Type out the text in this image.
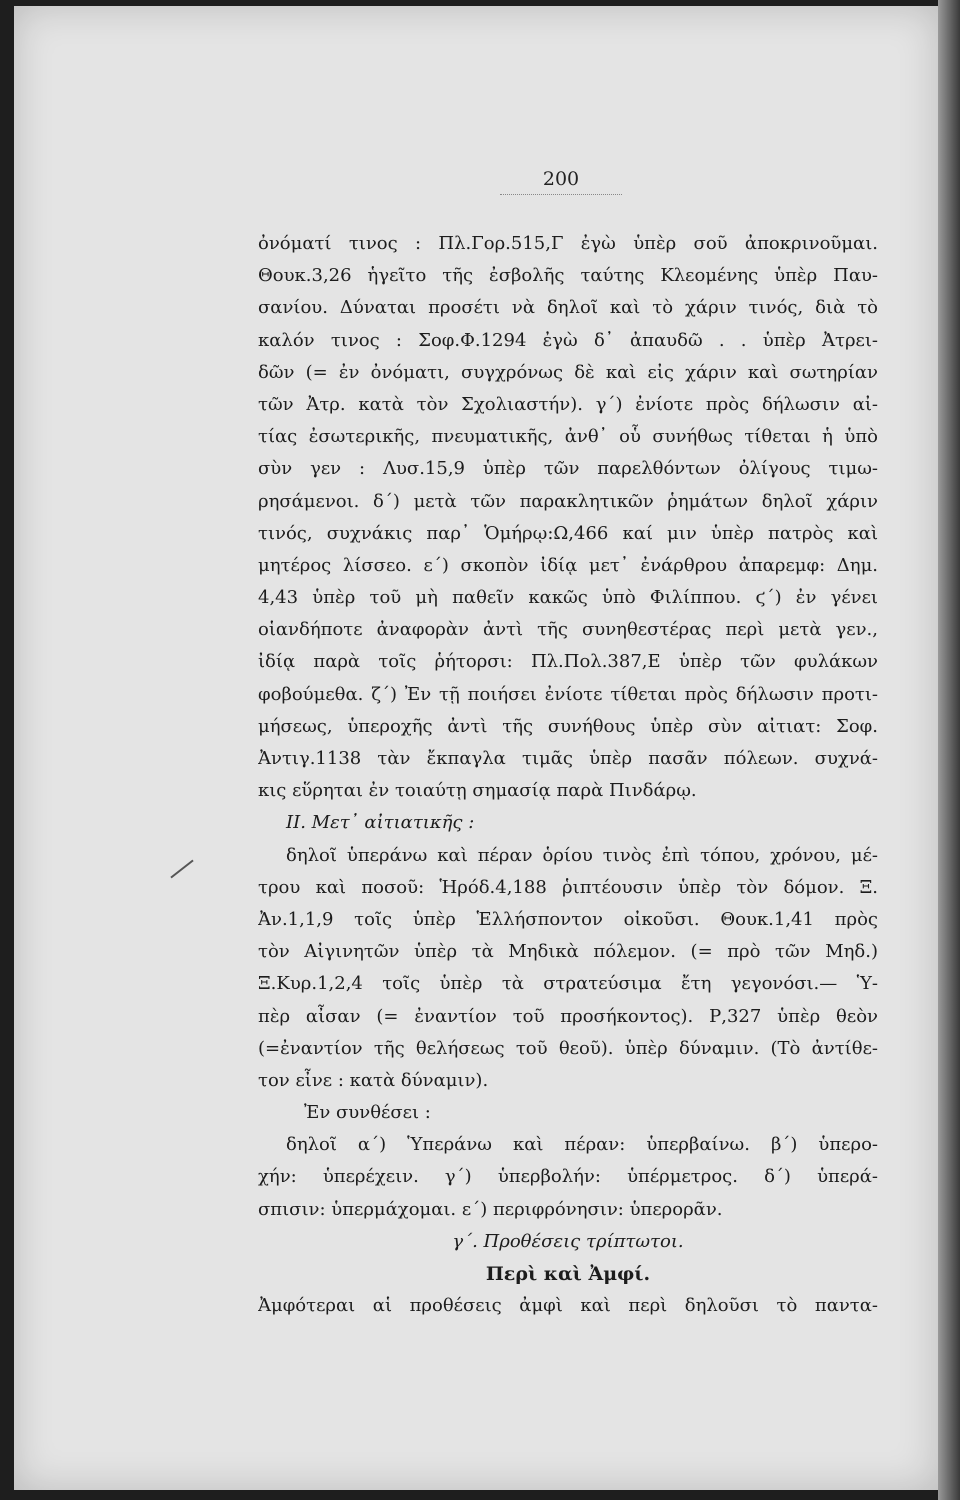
200
ὀνόματί τινος : Πλ.Γορ.515,Γ ἐγὼ ὑπὲρ σοῦ ἀποκρινοῦμαι.
Θουκ.3,26 ἡγεῖτο τῆς ἐσβολῆς ταύτης Κλεομένης ὑπὲρ Παυ-
σανίου. Δύναται προσέτι νὰ δηλοῖ καὶ τὸ χάριν τινός, διὰ τὸ
καλόν τινος : Σοφ.Φ.1294 ἐγὼ δ᾿ ἀπαυδῶ . . ὑπὲρ Ἀτρει-
δῶν (= ἐν ὀνόματι, συγχρόνως δὲ καὶ εἰς χάριν καὶ σωτηρίαν
τῶν Ἀτρ. κατὰ τὸν Σχολιαστήν). γ΄) ἐνίοτε πρὸς δήλωσιν αἰ-
τίας ἐσωτερικῆς, πνευματικῆς, ἀνθ᾿ οὗ συνήθως τίθεται ἡ ὑπὸ
σὺν γεν : Λυσ.15,9 ὑπὲρ τῶν παρελθόντων ὀλίγους τιμω-
ρησάμενοι. δ΄) μετὰ τῶν παρακλητικῶν ῥημάτων δηλοῖ χάριν
τινός, συχνάκις παρ᾿ Ὁμήρῳ:Ω,466 καί μιν ὑπὲρ πατρὸς καὶ
μητέρος λίσσεο. ε΄) σκοπὸν ἰδίᾳ μετ᾿ ἐνάρθρου ἀπαρεμφ: Δημ.
4,43 ὑπὲρ τοῦ μὴ παθεῖν κακῶς ὑπὸ Φιλίππου. ϛ΄) ἐν γένει
οἱανδήποτε ἀναφορὰν ἀντὶ τῆς συνηθεστέρας περὶ μετὰ γεν.,
ἰδίᾳ παρὰ τοῖς ῥήτορσι: Πλ.Πολ.387,Ε ὑπὲρ τῶν φυλάκων
φοβούμεθα. ζ΄) Ἐν τῇ ποιήσει ἐνίοτε τίθεται πρὸς δήλωσιν προτι-
μήσεως, ὑπεροχῆς ἀντὶ τῆς συνήθους ὑπὲρ σὺν αἰτιατ: Σοφ.
Ἀντιγ.1138 τὰν ἔκπαγλα τιμᾶς ὑπὲρ πασᾶν πόλεων. συχνά-
κις εὕρηται ἐν τοιαύτῃ σημασίᾳ παρὰ Πινδάρῳ.
ΙΙ. Μετ᾿ αἰτιατικῆς :
δηλοῖ ὑπεράνω καὶ πέραν ὁρίου τινὸς ἐπὶ τόπου, χρόνου, μέ-
τρου καὶ ποσοῦ: Ἡρόδ.4,188 ῥιπτέουσιν ὑπὲρ τὸν δόμον. Ξ.
Ἀν.1,1,9 τοῖς ὑπὲρ Ἑλλήσποντον οἰκοῦσι. Θουκ.1,41 πρὸς
τὸν Αἰγινητῶν ὑπὲρ τὰ Μηδικὰ πόλεμον. (= πρὸ τῶν Μηδ.)
Ξ.Κυρ.1,2,4 τοῖς ὑπὲρ τὰ στρατεύσιμα ἔτη γεγονόσι.— Ὑ-
πὲρ αἶσαν (= ἐναντίον τοῦ προσήκοντος). Ρ,327 ὑπὲρ θεὸν
(=ἐναντίον τῆς θελήσεως τοῦ θεοῦ). ὑπὲρ δύναμιν. (Τὸ ἀντίθε-
τον εἶνε : κατὰ δύναμιν).
Ἐν συνθέσει :
δηλοῖ α΄) Ὑπεράνω καὶ πέραν: ὑπερβαίνω. β΄) ὑπερο-
χήν: ὑπερέχειν. γ΄) ὑπερβολήν: ὑπέρμετρος. δ΄) ὑπερά-
σπισιν: ὑπερμάχομαι. ε΄) περιφρόνησιν: ὑπερορᾶν.
γ΄. Προθέσεις τρίπτωτοι.
Περὶ καὶ Ἀμφί.
Ἀμφότεραι αἱ προθέσεις ἀμφὶ καὶ περὶ δηλοῦσι τὸ παντα-
